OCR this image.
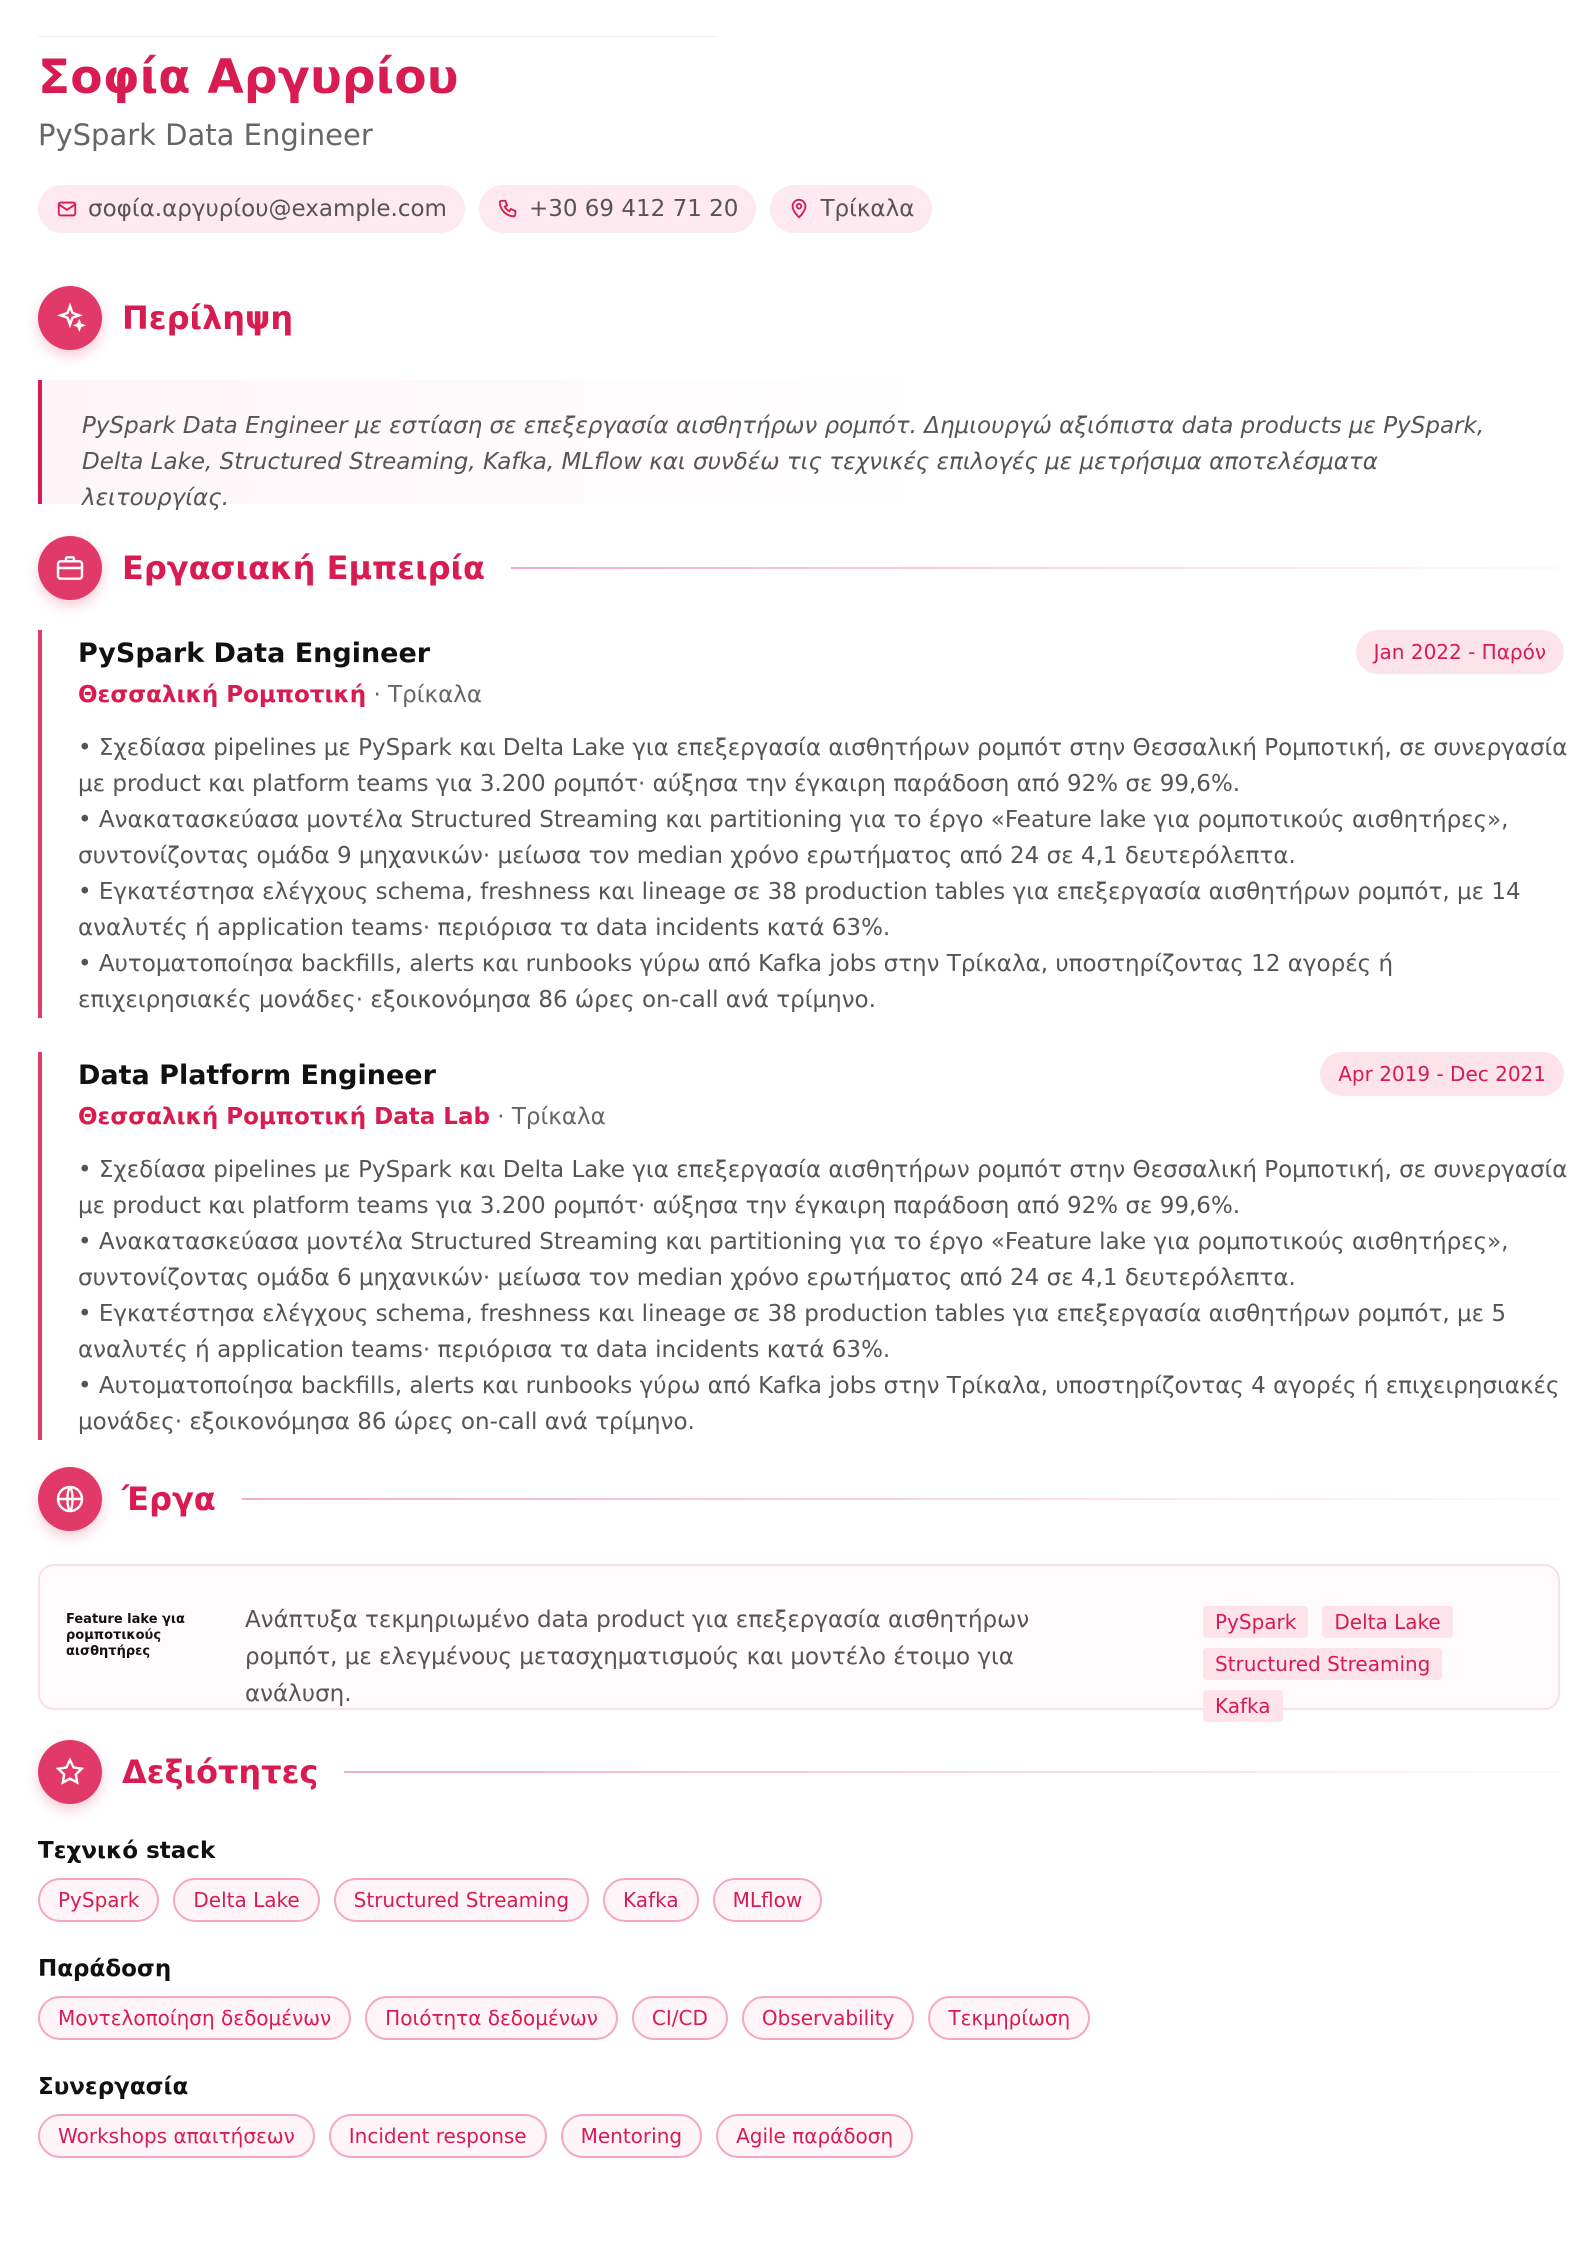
Σοφία Αργυρίου
PySpark Data Engineer
σοφία.αργυρίου@example.com	+30 69 412 71 20	Τρίκαλα
Περίληψη

PySpark Data Engineer με εστίαση σε επεξεργασία αισθητήρων ρομπότ. Δημιουργώ αξιόπιστα data products με PySpark, Delta Lake, Structured Streaming, Kafka, MLflow και συνδέω τις τεχνικές επιλογές με μετρήσιμα αποτελέσματα λειτουργίας.

Εργασιακή Εμπειρία
PySpark Data Engineer
Θεσσαλική Ρομποτική · Τρίκαλα
Jan 2022 - Παρόν
• Σχεδίασα pipelines με PySpark και Delta Lake για επεξεργασία αισθητήρων ρομπότ στην Θεσσαλική Ρομποτική, σε συνεργασία με product και platform teams για 3.200 ρομπότ· αύξησα την έγκαιρη παράδοση από 92% σε 99,6%.
• Ανακατασκεύασα μοντέλα Structured Streaming και partitioning για το έργο «Feature lake για ρομποτικούς αισθητήρες», συντονίζοντας ομάδα 9 μηχανικών· μείωσα τον median χρόνο ερωτήματος από 24 σε 4,1 δευτερόλεπτα.
• Εγκατέστησα ελέγχους schema, freshness και lineage σε 38 production tables για επεξεργασία αισθητήρων ρομπότ, με 14 αναλυτές ή application teams· περιόρισα τα data incidents κατά 63%.
• Αυτοματοποίησα backfills, alerts και runbooks γύρω από Kafka jobs στην Τρίκαλα, υποστηρίζοντας 12 αγορές ή επιχειρησιακές μονάδες· εξοικονόμησα 86 ώρες on-call ανά τρίμηνο.
Data Platform Engineer
Θεσσαλική Ρομποτική Data Lab · Τρίκαλα
Apr 2019 - Dec 2021
• Σχεδίασα pipelines με PySpark και Delta Lake για επεξεργασία αισθητήρων ρομπότ στην Θεσσαλική Ρομποτική, σε συνεργασία με product και platform teams για 3.200 ρομπότ· αύξησα την έγκαιρη παράδοση από 92% σε 99,6%.
• Ανακατασκεύασα μοντέλα Structured Streaming και partitioning για το έργο «Feature lake για ρομποτικούς αισθητήρες», συντονίζοντας ομάδα 6 μηχανικών· μείωσα τον median χρόνο ερωτήματος από 24 σε 4,1 δευτερόλεπτα.
• Εγκατέστησα ελέγχους schema, freshness και lineage σε 38 production tables για επεξεργασία αισθητήρων ρομπότ, με 5 αναλυτές ή application teams· περιόρισα τα data incidents κατά 63%.
• Αυτοματοποίησα backfills, alerts και runbooks γύρω από Kafka jobs στην Τρίκαλα, υποστηρίζοντας 4 αγορές ή επιχειρησιακές μονάδες· εξοικονόμησα 86 ώρες on-call ανά τρίμηνο.
Έργα
Feature lake για ρομποτικούς αισθητήρες
Ανάπτυξα τεκμηριωμένο data product για επεξεργασία αισθητήρων ρομπότ, με ελεγμένους μετασχηματισμούς και μοντέλο έτοιμο για ανάλυση.
PySpark	Delta Lake
Structured Streaming
Kafka
Δεξιότητες
Τεχνικό stack
PySpark	Delta Lake	Structured Streaming	Kafka	MLflow
Παράδοση
Μοντελοποίηση δεδομένων	Ποιότητα δεδομένων	CI/CD	Observability	Τεκμηρίωση
Συνεργασία
Workshops απαιτήσεων	Incident response	Mentoring	Agile παράδοση
